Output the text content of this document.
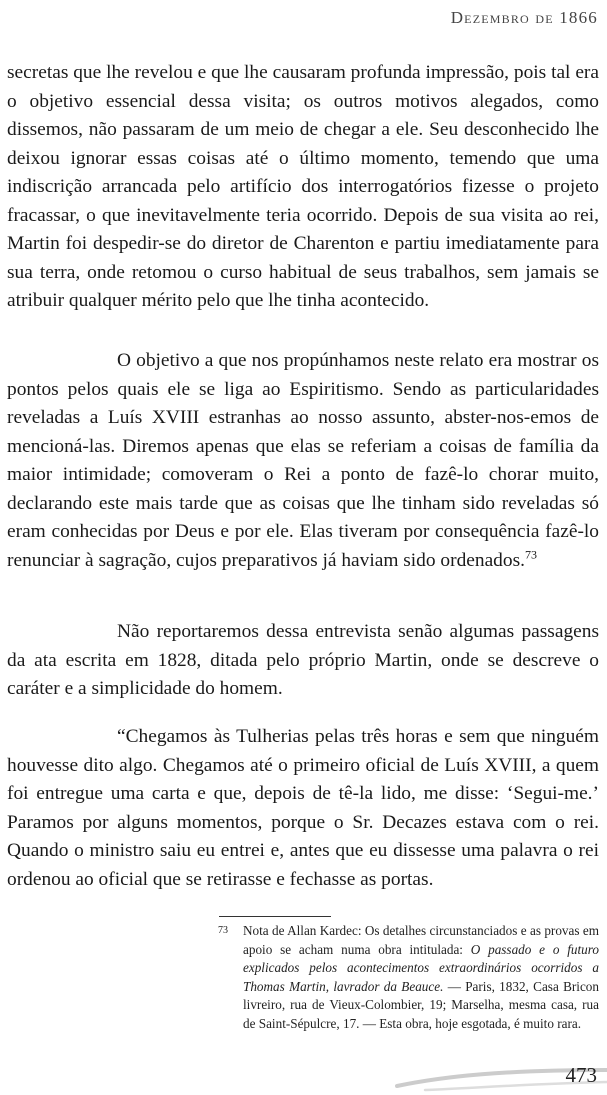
Dezembro de 1866

secretas que lhe revelou e que lhe causaram profunda impressão, pois tal era o objetivo essencial dessa visita; os outros motivos alegados, como dissemos, não passaram de um meio de chegar a ele. Seu desconhecido lhe deixou ignorar essas coisas até o último momento, temendo que uma indiscrição arrancada pelo artifício dos interrogatórios fizesse o projeto fracassar, o que inevitavelmente teria ocorrido. Depois de sua visita ao rei, Martin foi despedir-se do diretor de Charenton e partiu imediatamente para sua terra, onde retomou o curso habitual de seus trabalhos, sem jamais se atribuir qualquer mérito pelo que lhe tinha acontecido.

O objetivo a que nos propúnhamos neste relato era mostrar os pontos pelos quais ele se liga ao Espiritismo. Sendo as particularidades reveladas a Luís XVIII estranhas ao nosso assunto, abster-nos-emos de mencioná-las. Diremos apenas que elas se referiam a coisas de família da maior intimidade; comoveram o Rei a ponto de fazê-lo chorar muito, declarando este mais tarde que as coisas que lhe tinham sido reveladas só eram conhecidas por Deus e por ele. Elas tiveram por consequência fazê-lo renunciar à sagração, cujos preparativos já haviam sido ordenados.$^{73}$

Não reportaremos dessa entrevista senão algumas passagens da ata escrita em 1828, ditada pelo próprio Martin, onde se descreve o caráter e a simplicidade do homem.

“Chegamos às Tulherias pelas três horas e sem que ninguém houvesse dito algo. Chegamos até o primeiro oficial de Luís XVIII, a quem foi entregue uma carta e que, depois de tê-la lido, me disse: ‘Segui-me.’ Paramos por alguns momentos, porque o Sr. Decazes estava com o rei. Quando o ministro saiu eu entrei e, antes que eu dissesse uma palavra o rei ordenou ao oficial que se retirasse e fechasse as portas.

73	Nota de Allan Kardec: Os detalhes circunstanciados e as provas em apoio se acham numa obra intitulada: O passado e o futuro explicados pelos acontecimentos extraordinários ocorridos a Thomas Martin, lavrador da Beauce. — Paris, 1832, Casa Bricon livreiro, rua de Vieux-Colombier, 19; Marselha, mesma casa, rua de Saint-Sépulcre, 17. — Esta obra, hoje esgotada, é muito rara.
473
